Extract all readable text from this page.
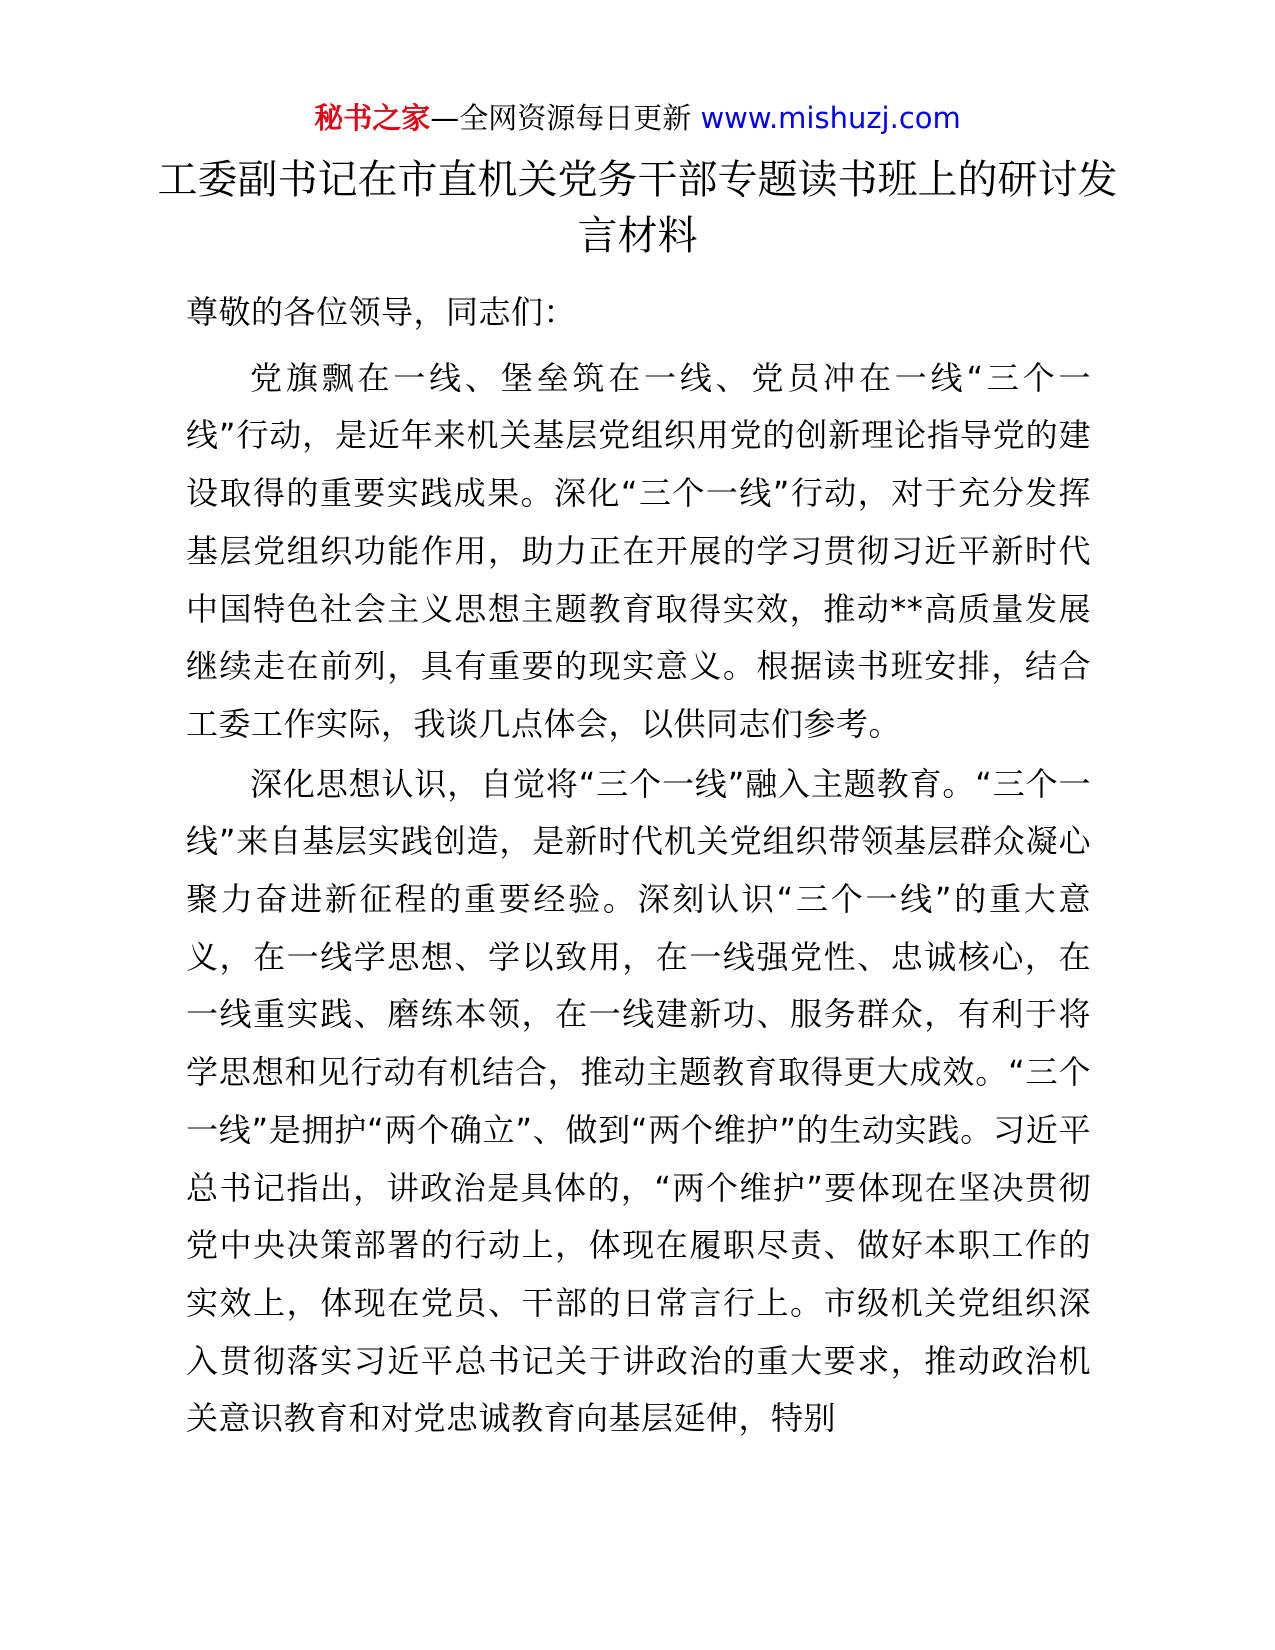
秘书之家—全网资源每日更新 www.mishuzj.com
工委副书记在市直机关党务干部专题读书班上的研讨发言材料

尊敬的各位领导，同志们：

党旗飘在一线、堡垒筑在一线、党员冲在一线“三个一线”行动，是近年来机关基层党组织用党的创新理论指导党的建设取得的重要实践成果。深化“三个一线”行动，对于充分发挥基层党组织功能作用，助力正在开展的学习贯彻习近平新时代中国特色社会主义思想主题教育取得实效，推动**高质量发展继续走在前列，具有重要的现实意义。根据读书班安排，结合工委工作实际，我谈几点体会，以供同志们参考。

深化思想认识，自觉将“三个一线”融入主题教育。“三个一线”来自基层实践创造，是新时代机关党组织带领基层群众凝心聚力奋进新征程的重要经验。深刻认识“三个一线”的重大意义，在一线学思想、学以致用，在一线强党性、忠诚核心，在一线重实践、磨练本领，在一线建新功、服务群众，有利于将学思想和见行动有机结合，推动主题教育取得更大成效。“三个一线”是拥护“两个确立”、做到“两个维护”的生动实践。习近平总书记指出，讲政治是具体的，“两个维护”要体现在坚决贯彻党中央决策部署的行动上，体现在履职尽责、做好本职工作的实效上，体现在党员、干部的日常言行上。市级机关党组织深入贯彻落实习近平总书记关于讲政治的重大要求，推动政治机关意识教育和对党忠诚教育向基层延伸，特别
